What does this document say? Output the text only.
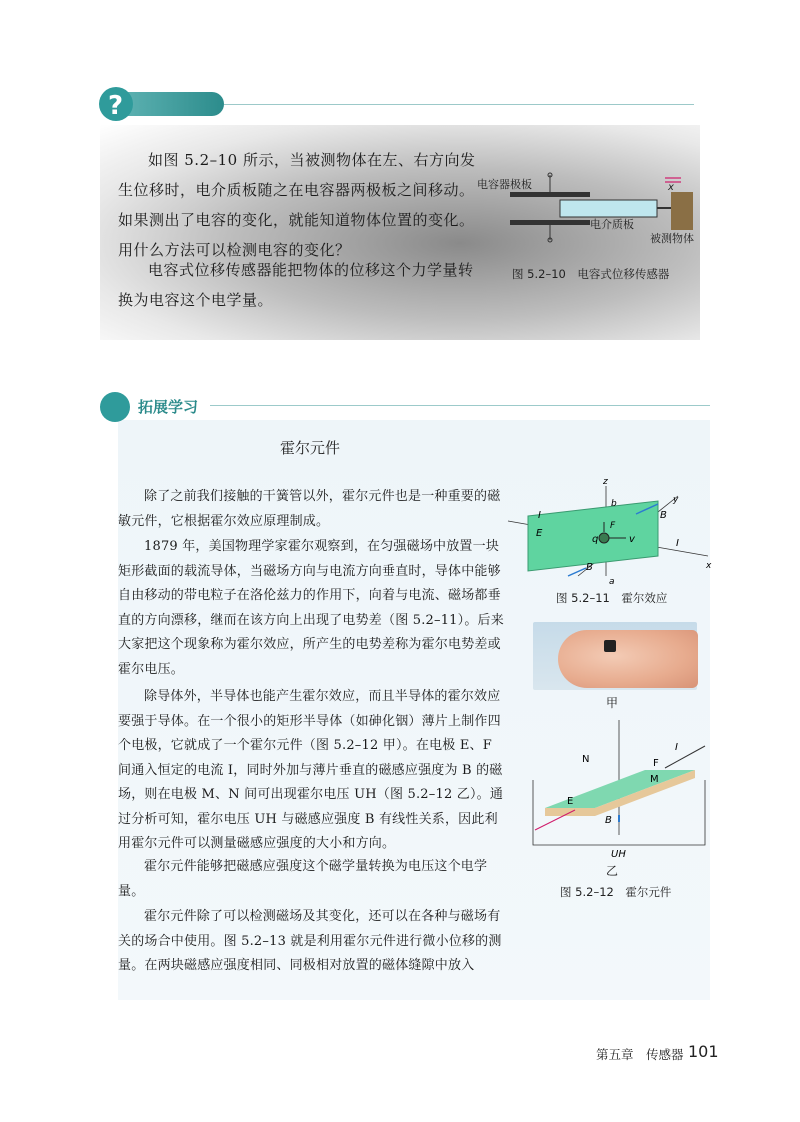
?
如图 5.2–10 所示，当被测物体在左、右方向发生位移时，电介质板随之在电容器两极板之间移动。如果测出了电容的变化，就能知道物体位置的变化。用什么方法可以检测电容的变化？
电容式位移传感器能把物体的位移这个力学量转换为电容这个电学量。
电容器极板
电介质板
被测物体
x
图 5.2–10　电容式位移传感器
拓展学习
霍尔元件
除了之前我们接触的干簧管以外，霍尔元件也是一种重要的磁敏元件，它根据霍尔效应原理制成。
1879 年，美国物理学家霍尔观察到，在匀强磁场中放置一块矩形截面的载流导体，当磁场方向与电流方向垂直时，导体中能够自由移动的带电粒子在洛伦兹力的作用下，向着与电流、磁场都垂直的方向漂移，继而在该方向上出现了电势差（图 5.2–11）。后来大家把这个现象称为霍尔效应，所产生的电势差称为霍尔电势差或霍尔电压。
除导体外，半导体也能产生霍尔效应，而且半导体的霍尔效应要强于导体。在一个很小的矩形半导体（如砷化铟）薄片上制作四个电极，它就成了一个霍尔元件（图 5.2–12 甲）。在电极 E、F 间通入恒定的电流 I，同时外加与薄片垂直的磁感应强度为 B 的磁场，则在电极 M、N 间可出现霍尔电压 UH（图 5.2–12 乙）。通过分析可知，霍尔电压 UH 与磁感应强度 B 有线性关系，因此利用霍尔元件可以测量磁感应强度的大小和方向。
霍尔元件能够把磁感应强度这个磁学量转换为电压这个电学量。
霍尔元件除了可以检测磁场及其变化，还可以在各种与磁场有关的场合中使用。图 5.2–13 就是利用霍尔元件进行微小位移的测量。在两块磁感应强度相同、同极相对放置的磁体缝隙中放入
I
z
b	y
B
E
q
F
v	I
B
a
x
图 5.2–11　霍尔效应
甲
I
F
N
M
E
B
UH
乙
图 5.2–12　霍尔元件
第五章　传感器 101
